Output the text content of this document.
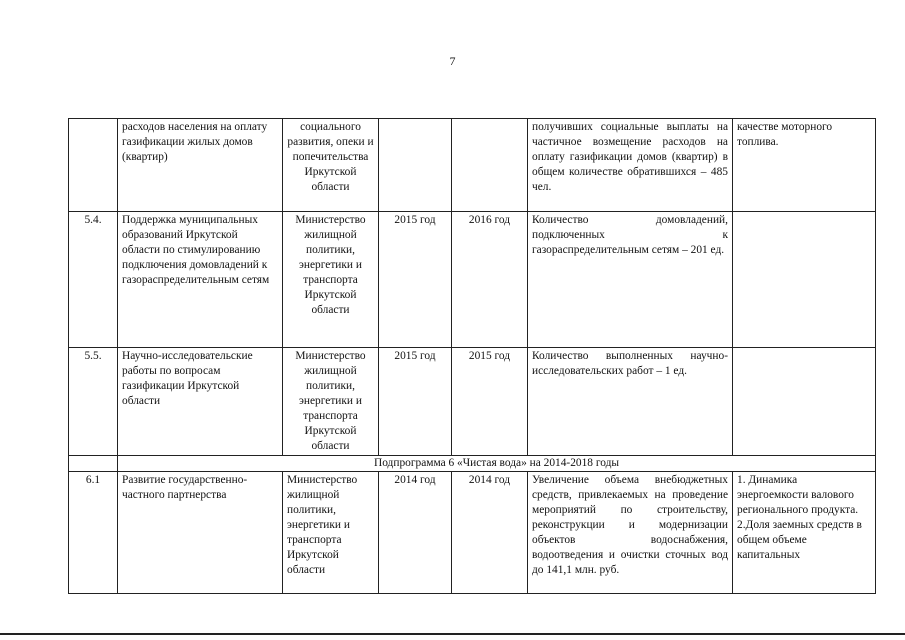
7
	расходов населения на оплату газификации жилых домов (квартир)	социального развития, опеки и попечительства Иркутской области			получивших социальные выплаты на частичное возмещение расходов на оплату газификации домов (квартир) в общем количестве обратившихся – 485 чел.	качестве моторного топлива.
5.4.	Поддержка муниципальных образований Иркутской области по стимулированию подключения домовладений к газораспределительным сетям	Министерство жилищной политики, энергетики и транспорта Иркутской области	2015 год	2016 год	Количество домовладений, подключенных к газораспределительным сетям – 201 ед.	
5.5.	Научно-исследовательские работы по вопросам газификации Иркутской области	Министерство жилищной политики, энергетики и транспорта Иркутской области	2015 год	2015 год	Количество выполненных научно-исследовательских работ – 1 ед.	
	Подпрограмма 6 «Чистая вода» на 2014-2018 годы					
6.1	Развитие государственно-частного партнерства	Министерство жилищной политики, энергетики и транспорта Иркутской области	2014 год	2014 год	Увеличение объема внебюджетных средств, привлекаемых на проведение мероприятий по строительству, реконструкции и модернизации объектов водоснабжения, водоотведения и очистки сточных вод до 141,1 млн. руб.	1. Динамика энергоемкости валового регионального продукта. 2.Доля заемных средств в общем объеме капитальных
